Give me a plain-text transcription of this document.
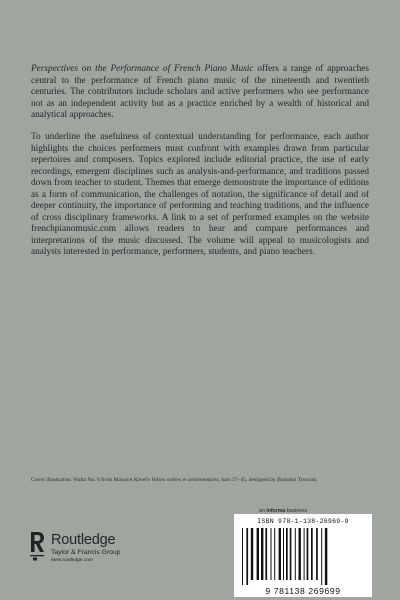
Perspectives on the Performance of French Piano Music offers a range of approaches central to the performance of French piano music of the nineteenth and twentieth centuries. The contributors include scholars and active performers who see performance not as an independent activity but as a practice enriched by a wealth of historical and analytical approaches.

To underline the usefulness of contextual understanding for performance, each author highlights the choices performers must confront with examples drawn from particular repertoires and composers. Topics explored include editorial practice, the use of early recordings, emergent disciplines such as analysis-and-performance, and traditions passed down from teacher to student. Themes that emerge demonstrate the importance of editions as a form of communication, the challenges of notation, the significance of detail and of deeper continuity, the importance of performing and teaching traditions, and the influence of cross disciplinary frameworks. A link to a set of performed examples on the website frenchpianomusic.com allows readers to hear and compare performances and interpretations of the music discussed. The volume will appeal to musicologists and analysts interested in performance, performers, students, and piano teachers.

Cover illustration: Waltz No. 6 from Maurice Ravel's Valses nobles et sentimentales, bars 37–45, designed by Brandon Truscott.

an informa business
Routledge
Taylor & Francis Group
www.routledge.com
ISBN 978-1-138-26969-9
9 781138 269699
